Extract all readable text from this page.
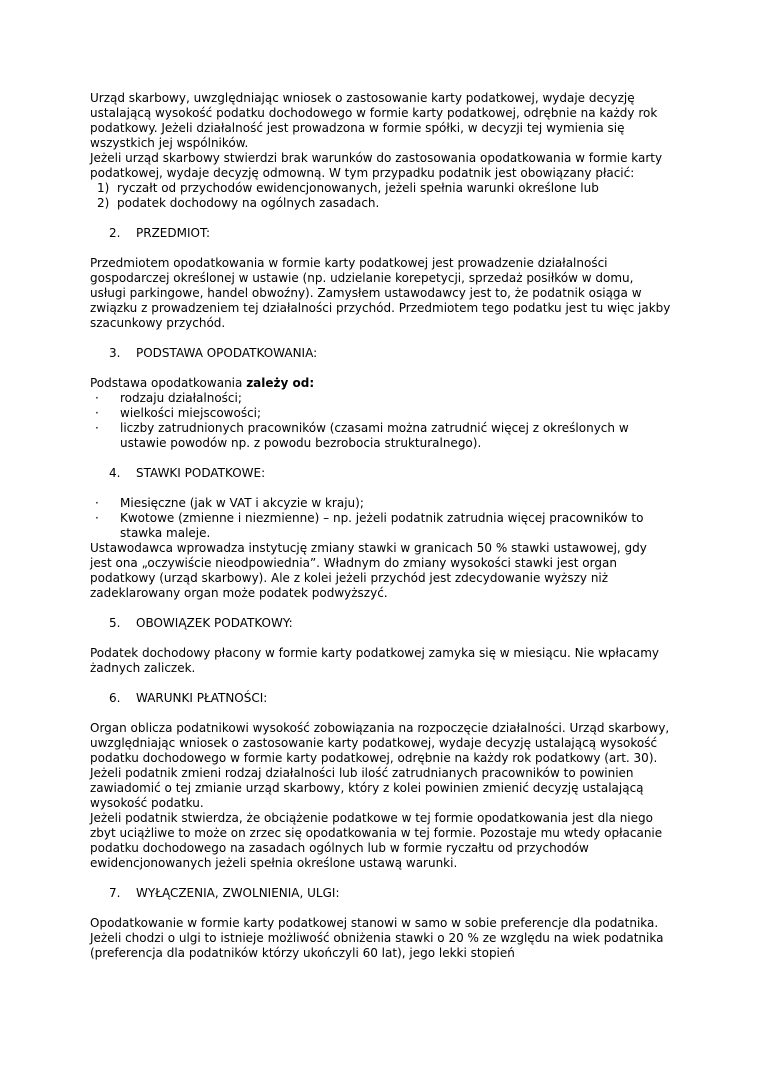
Urząd skarbowy, uwzględniając wniosek o zastosowanie karty podatkowej, wydaje decyzję ustalającą wysokość podatku dochodowego w formie karty podatkowej, odrębnie na każdy rok podatkowy. Jeżeli działalność jest prowadzona w formie spółki, w decyzji tej wymienia się wszystkich jej wspólników.

Jeżeli urząd skarbowy stwierdzi brak warunków do zastosowania opodatkowania w formie karty podatkowej, wydaje decyzję odmowną. W tym przypadku podatnik jest obowiązany płacić:

1) ryczałt od przychodów ewidencjonowanych, jeżeli spełnia warunki określone lub
2) podatek dochodowy na ogólnych zasadach.
2.	PRZEDMIOT:

Przedmiotem opodatkowania w formie karty podatkowej jest prowadzenie działalności gospodarczej określonej w ustawie (np. udzielanie korepetycji, sprzedaż posiłków w domu, usługi parkingowe, handel obwoźny). Zamysłem ustawodawcy jest to, że podatnik osiąga w związku z prowadzeniem tej działalności przychód. Przedmiotem tego podatku jest tu więc jakby szacunkowy przychód.

3.	PODSTAWA OPODATKOWANIA:

Podstawa opodatkowania zależy od:

·	rodzaju działalności;
·	wielkości miejscowości;
·	liczby zatrudnionych pracowników (czasami można zatrudnić więcej z określonych w ustawie powodów np. z powodu bezrobocia strukturalnego).
4.	STAWKI PODATKOWE:
·	Miesięczne (jak w VAT i akcyzie w kraju);
·	Kwotowe (zmienne i niezmienne) – np. jeżeli podatnik zatrudnia więcej pracowników to stawka maleje.

Ustawodawca wprowadza instytucję zmiany stawki w granicach 50 % stawki ustawowej, gdy jest ona „oczywiście nieodpowiednia”. Władnym do zmiany wysokości stawki jest organ podatkowy (urząd skarbowy). Ale z kolei jeżeli przychód jest zdecydowanie wyższy niż zadeklarowany organ może podatek podwyższyć.

5.	OBOWIĄZEK PODATKOWY:

Podatek dochodowy płacony w formie karty podatkowej zamyka się w miesiącu. Nie wpłacamy żadnych zaliczek.

6.	WARUNKI PŁATNOŚCI:

Organ oblicza podatnikowi wysokość zobowiązania na rozpoczęcie działalności. Urząd skarbowy, uwzględniając wniosek o zastosowanie karty podatkowej, wydaje decyzję ustalającą wysokość podatku dochodowego w formie karty podatkowej, odrębnie na każdy rok podatkowy (art. 30). Jeżeli podatnik zmieni rodzaj działalności lub ilość zatrudnianych pracowników to powinien zawiadomić o tej zmianie urząd skarbowy, który z kolei powinien zmienić decyzję ustalającą wysokość podatku.

Jeżeli podatnik stwierdza, że obciążenie podatkowe w tej formie opodatkowania jest dla niego zbyt uciążliwe to może on zrzec się opodatkowania w tej formie. Pozostaje mu wtedy opłacanie podatku dochodowego na zasadach ogólnych lub w formie ryczałtu od przychodów ewidencjonowanych jeżeli spełnia określone ustawą warunki.

7.	WYŁĄCZENIA, ZWOLNIENIA, ULGI:

Opodatkowanie w formie karty podatkowej stanowi w samo w sobie preferencje dla podatnika.

Jeżeli chodzi o ulgi to istnieje możliwość obniżenia stawki o 20 % ze względu na wiek podatnika (preferencja dla podatników którzy ukończyli 60 lat), jego lekki stopień
